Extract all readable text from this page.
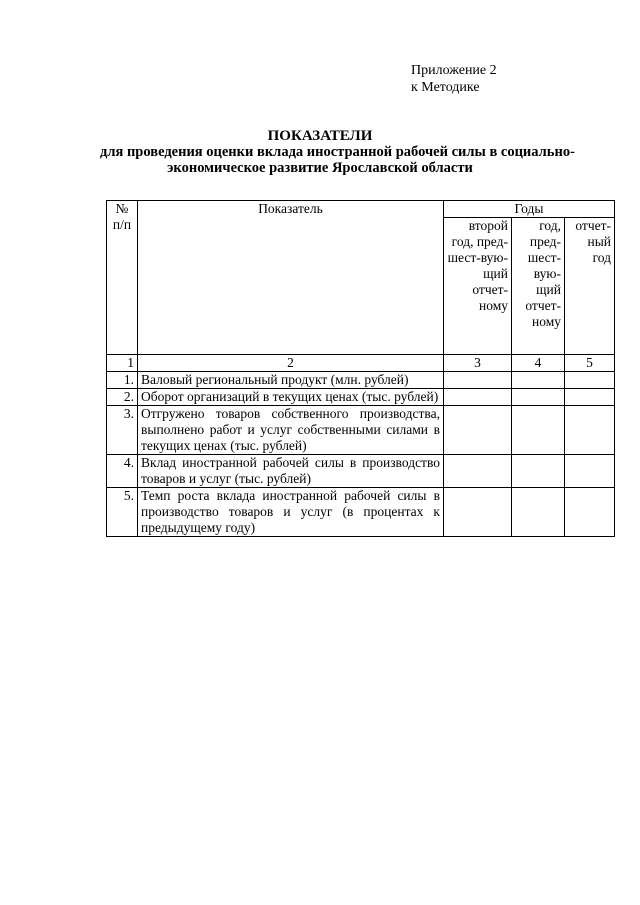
Приложение 2
к Методике
ПОКАЗАТЕЛИ
для проведения оценки вклада иностранной рабочей силы в социально-
экономическое развитие Ярославской области
№ п/п	Показатель	Годы		
		второй год, пред-шест-вую-щий отчет-ному	год, пред-шест-вую-щий отчет-ному	отчет-ный год
1	2	3	4	5
1.	Валовый региональный продукт (млн. рублей)			
2.	Оборот организаций в текущих ценах (тыс. рублей)			
3.	Отгружено товаров собственного производства, выполнено работ и услуг собственными силами в текущих ценах (тыс. рублей)			
4.	Вклад иностранной рабочей силы в производство товаров и услуг (тыс. рублей)			
5.	Темп роста вклада иностранной рабочей силы в производство товаров и услуг (в процентах к предыдущему году)			
